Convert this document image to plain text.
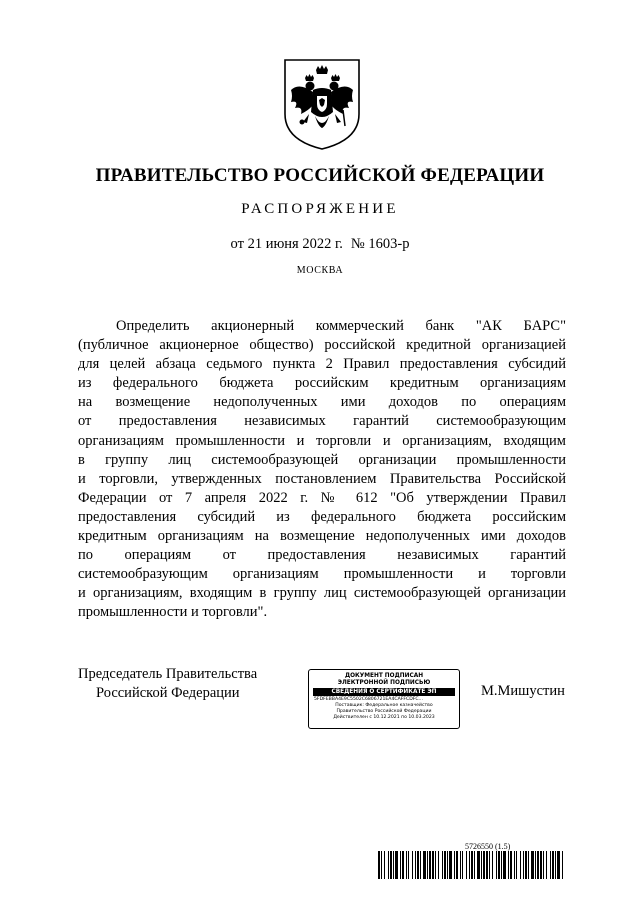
ПРАВИТЕЛЬСТВО РОССИЙСКОЙ ФЕДЕРАЦИИ
РАСПОРЯЖЕНИЕ
от 21 июня 2022 г. № 1603-р
МОСКВА
Определить акционерный коммерческий банк "АК БАРС"
(публичное акционерное общество) российской кредитной организацией
для целей абзаца седьмого пункта 2 Правил предоставления субсидий
из федерального бюджета российским кредитным организациям
на возмещение недополученных ими доходов по операциям
от предоставления независимых гарантий системообразующим
организациям промышленности и торговли и организациям, входящим
в группу лиц системообразующей организации промышленности
и торговли, утвержденных постановлением Правительства Российской
Федерации от 7 апреля 2022 г. № 612 "Об утверждении Правил
предоставления субсидий из федерального бюджета российским
кредитным организациям на возмещение недополученных ими доходов
по операциям от предоставления независимых гарантий
системообразующим организациям промышленности и торговли
и организациям, входящим в группу лиц системообразующей организации
промышленности и торговли".
Председатель Правительства
Российской Федерации
ДОКУМЕНТ ПОДПИСАН
ЭЛЕКТРОННОЙ ПОДПИСЬЮ
СВЕДЕНИЯ О СЕРТИФИКАТЕ ЭП
5FDFEBBA4E9C5502C6806721EA4CAFFCDFC...
Поставщик: Федеральное казначейство
Правительство Российской Федерации
Действителен с 10.12.2021 по 10.03.2023
М.Мишустин
5726550 (1.5)
